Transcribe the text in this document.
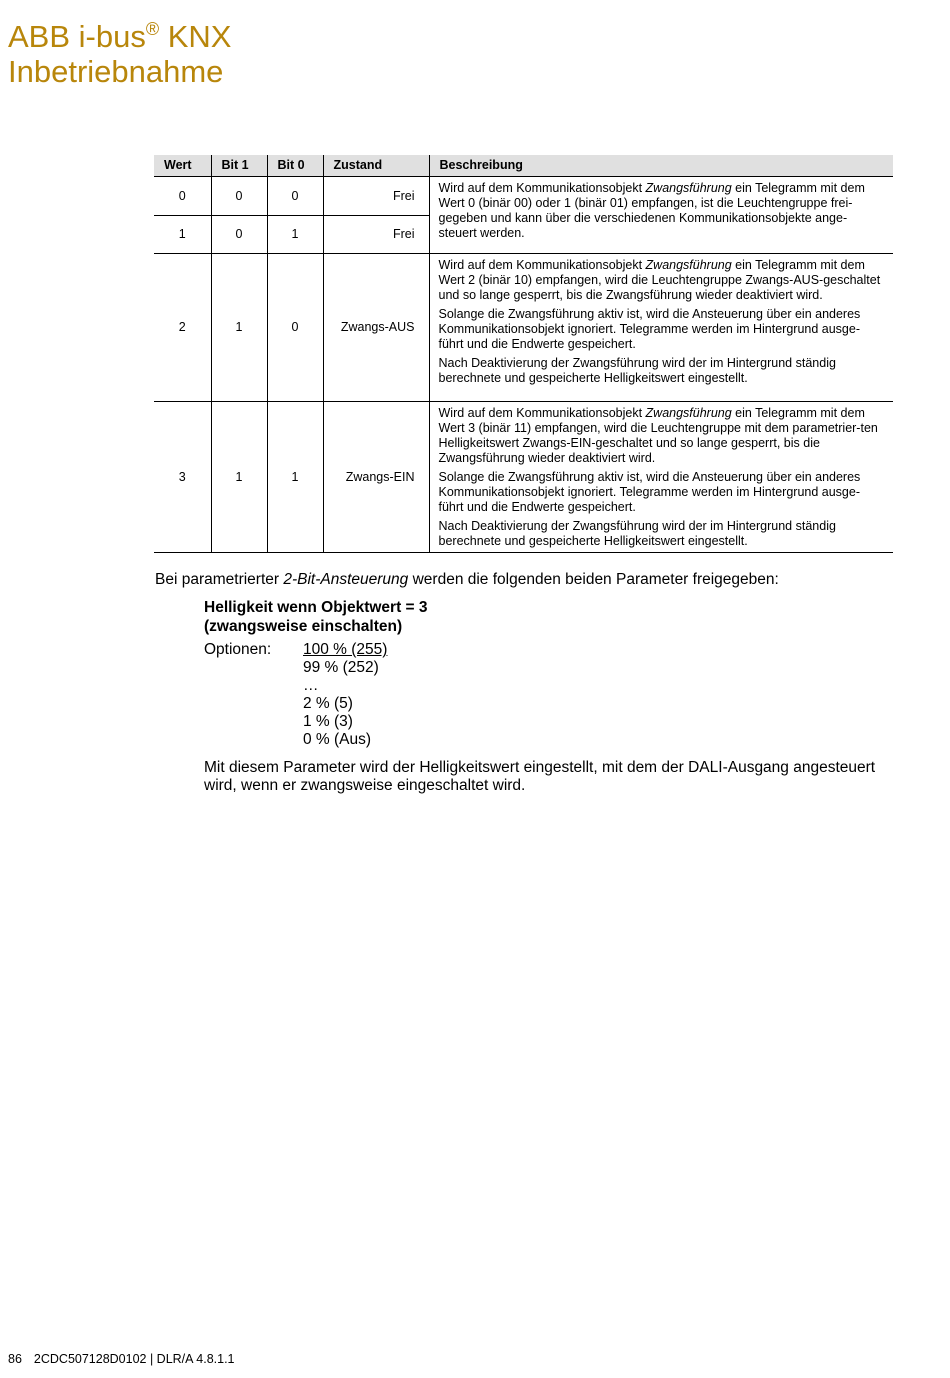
ABB i-bus® KNX
Inbetriebnahme
Wert	Bit 1	Bit 0	Zustand	Beschreibung
0	0	0	Frei	Wird auf dem Kommunikationsobjekt Zwangsführung ein Telegramm mit dem Wert 0 (binär 00) oder 1 (binär 01) empfangen, ist die Leuchtengruppe frei-gegeben und kann über die verschiedenen Kommunikationsobjekte ange-steuert werden.
1	0	1	Frei	
2	1	0	Zwangs-AUS	Wird auf dem Kommunikationsobjekt Zwangsführung ein Telegramm mit dem Wert 2 (binär 10) empfangen, wird die Leuchtengruppe Zwangs-AUS-geschaltet und so lange gesperrt, bis die Zwangsführung wieder deaktiviert wird.

Solange die Zwangsführung aktiv ist, wird die Ansteuerung über ein anderes Kommunikationsobjekt ignoriert. Telegramme werden im Hintergrund ausge-führt und die Endwerte gespeichert.

Nach Deaktivierung der Zwangsführung wird der im Hintergrund ständig berechnete und gespeicherte Helligkeitswert eingestellt.

3	1	1	Zwangs-EIN	Wird auf dem Kommunikationsobjekt Zwangsführung ein Telegramm mit dem Wert 3 (binär 11) empfangen, wird die Leuchtengruppe mit dem parametrier-ten Helligkeitswert Zwangs-EIN-geschaltet und so lange gesperrt, bis die Zwangsführung wieder deaktiviert wird.

Solange die Zwangsführung aktiv ist, wird die Ansteuerung über ein anderes Kommunikationsobjekt ignoriert. Telegramme werden im Hintergrund ausge-führt und die Endwerte gespeichert.

Nach Deaktivierung der Zwangsführung wird der im Hintergrund ständig berechnete und gespeicherte Helligkeitswert eingestellt.

Bei parametrierter 2-Bit-Ansteuerung werden die folgenden beiden Parameter freigegeben:
Helligkeit wenn Objektwert = 3
(zwangsweise einschalten)
Optionen: 100 % (255)
99 % (252)
…
2 % (5)
1 % (3)
0 % (Aus)
Mit diesem Parameter wird der Helligkeitswert eingestellt, mit dem der DALI-Ausgang angesteuert wird, wenn er zwangsweise eingeschaltet wird.
86 2CDC507128D0102 | DLR/A 4.8.1.1
